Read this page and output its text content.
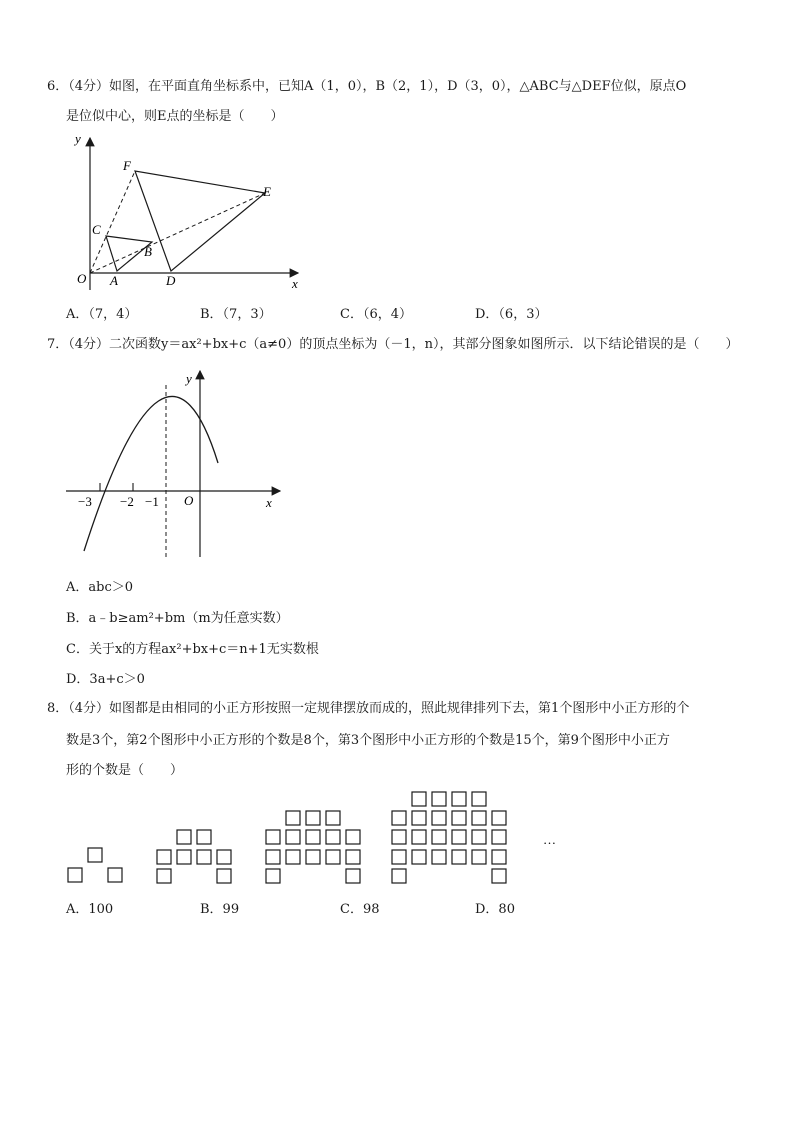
6．（4分）如图，在平面直角坐标系中，已知A（1，0），B（2，1），D（3，0），△ABC与△DEF位似，原点O
是位似中心，则E点的坐标是（　　）
y
x
O A
B
C
D
E
F
A．（7，4）	B．（7，3）	C．（6，4）	D．（6，3）
7．（4分）二次函数y＝ax²+bx+c（a≠0）的顶点坐标为（－1，n），其部分图象如图所示．以下结论错误的是（　　）
y
x
O
−3 −2 −1
A．abc＞0
B．a﹣b≥am²+bm（m为任意实数）
C．关于x的方程ax²+bx+c＝n+1无实数根
D．3a+c＞0
8．（4分）如图都是由相同的小正方形按照一定规律摆放而成的，照此规律排列下去，第1个图形中小正方形的个
数是3个，第2个图形中小正方形的个数是8个，第3个图形中小正方形的个数是15个，第9个图形中小正方
形的个数是（　　）
…
A．100	B．99	C．98	D．80
